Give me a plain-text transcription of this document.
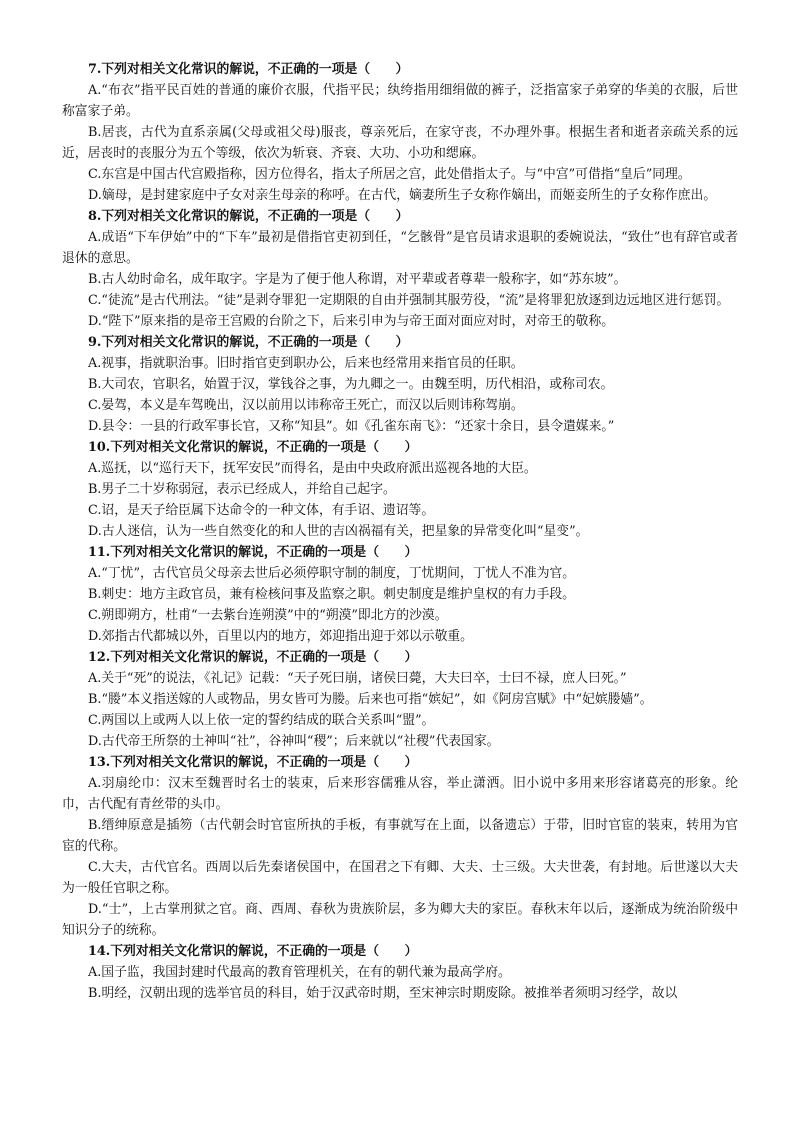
7.下列对相关文化常识的解说，不正确的一项是（　　）

A.“布衣”指平民百姓的普通的廉价衣服，代指平民；纨绔指用细绢做的裤子，泛指富家子弟穿的华美的衣服，后世称富家子弟。

B.居丧，古代为直系亲属(父母或祖父母)服丧，尊亲死后，在家守丧，不办理外事。根据生者和逝者亲疏关系的远近，居丧时的丧服分为五个等级，依次为斩衰、齐衰、大功、小功和缌麻。

C.东宫是中国古代宫殿指称，因方位得名，指太子所居之宫，此处借指太子。与“中宫”可借指“皇后”同理。

D.嫡母，是封建家庭中子女对亲生母亲的称呼。在古代，嫡妻所生子女称作嫡出，而姬妾所生的子女称作庶出。

8.下列对相关文化常识的解说，不正确的一项是（　　）

A.成语“下车伊始”中的“下车”最初是借指官吏初到任，“乞骸骨”是官员请求退职的委婉说法，“致仕”也有辞官或者退休的意思。

B.古人幼时命名，成年取字。字是为了便于他人称谓，对平辈或者尊辈一般称字，如“苏东坡”。

C.“徒流”是古代刑法。“徒”是剥夺罪犯一定期限的自由并强制其服劳役，“流”是将罪犯放逐到边远地区进行惩罚。

D.“陛下”原来指的是帝王宫殿的台阶之下，后来引申为与帝王面对面应对时，对帝王的敬称。

9.下列对相关文化常识的解说，不正确的一项是（　　）

A.视事，指就职治事。旧时指官吏到职办公，后来也经常用来指官员的任职。

B.大司农，官职名，始置于汉，掌钱谷之事，为九卿之一。由魏至明，历代相沿，或称司农。

C.晏驾，本义是车驾晚出，汉以前用以讳称帝王死亡，而汉以后则讳称驾崩。

D.县令：一县的行政军事长官，又称“知县”。如《孔雀东南飞》：“还家十余日，县令遣媒来。”

10.下列对相关文化常识的解说，不正确的一项是（　　）

A.巡抚，以“巡行天下，抚军安民”而得名，是由中央政府派出巡视各地的大臣。

B.男子二十岁称弱冠，表示已经成人，并给自己起字。

C.诏，是天子给臣属下达命令的一种文体，有手诏、遗诏等。

D.古人迷信，认为一些自然变化的和人世的吉凶祸福有关，把星象的异常变化叫“星变”。

11.下列对相关文化常识的解说，不正确的一项是（　　）

A.“丁忧”，古代官员父母亲去世后必须停职守制的制度，丁忧期间，丁忧人不准为官。

B.刺史：地方主政官员，兼有检核问事及监察之职。刺史制度是维护皇权的有力手段。

C.朔即朔方，杜甫“一去紫台连朔漠”中的“朔漠”即北方的沙漠。

D.郊指古代都城以外，百里以内的地方，郊迎指出迎于郊以示敬重。

12.下列对相关文化常识的解说，不正确的一项是（　　）

A.关于“死”的说法，《礼记》记载：“天子死曰崩，诸侯曰薨，大夫曰卒，士曰不禄，庶人曰死。”

B.“媵”本义指送嫁的人或物品，男女皆可为媵。后来也可指“嫔妃”，如《阿房宫赋》中“妃嫔媵嫱”。

C.两国以上或两人以上依一定的誓约结成的联合关系叫“盟”。

D.古代帝王所祭的土神叫“社”，谷神叫“稷”；后来就以“社稷”代表国家。

13.下列对相关文化常识的解说，不正确的一项是（　　）

A.羽扇纶巾：汉末至魏晋时名士的装束，后来形容儒雅从容，举止潇洒。旧小说中多用来形容诸葛亮的形象。纶巾，古代配有青丝带的头巾。

B.缙绅原意是插笏（古代朝会时官宦所执的手板，有事就写在上面，以备遗忘）于带，旧时官宦的装束，转用为官宦的代称。

C.大夫，古代官名。西周以后先秦诸侯国中，在国君之下有卿、大夫、士三级。大夫世袭，有封地。后世遂以大夫为一般任官职之称。

D.“士”，上古掌刑狱之官。商、西周、春秋为贵族阶层，多为卿大夫的家臣。春秋末年以后，逐渐成为统治阶级中知识分子的统称。

14.下列对相关文化常识的解说，不正确的一项是（　　）

A.国子监，我国封建时代最高的教育管理机关，在有的朝代兼为最高学府。

B.明经，汉朝出现的选举官员的科目，始于汉武帝时期，至宋神宗时期废除。被推举者须明习经学，故以
